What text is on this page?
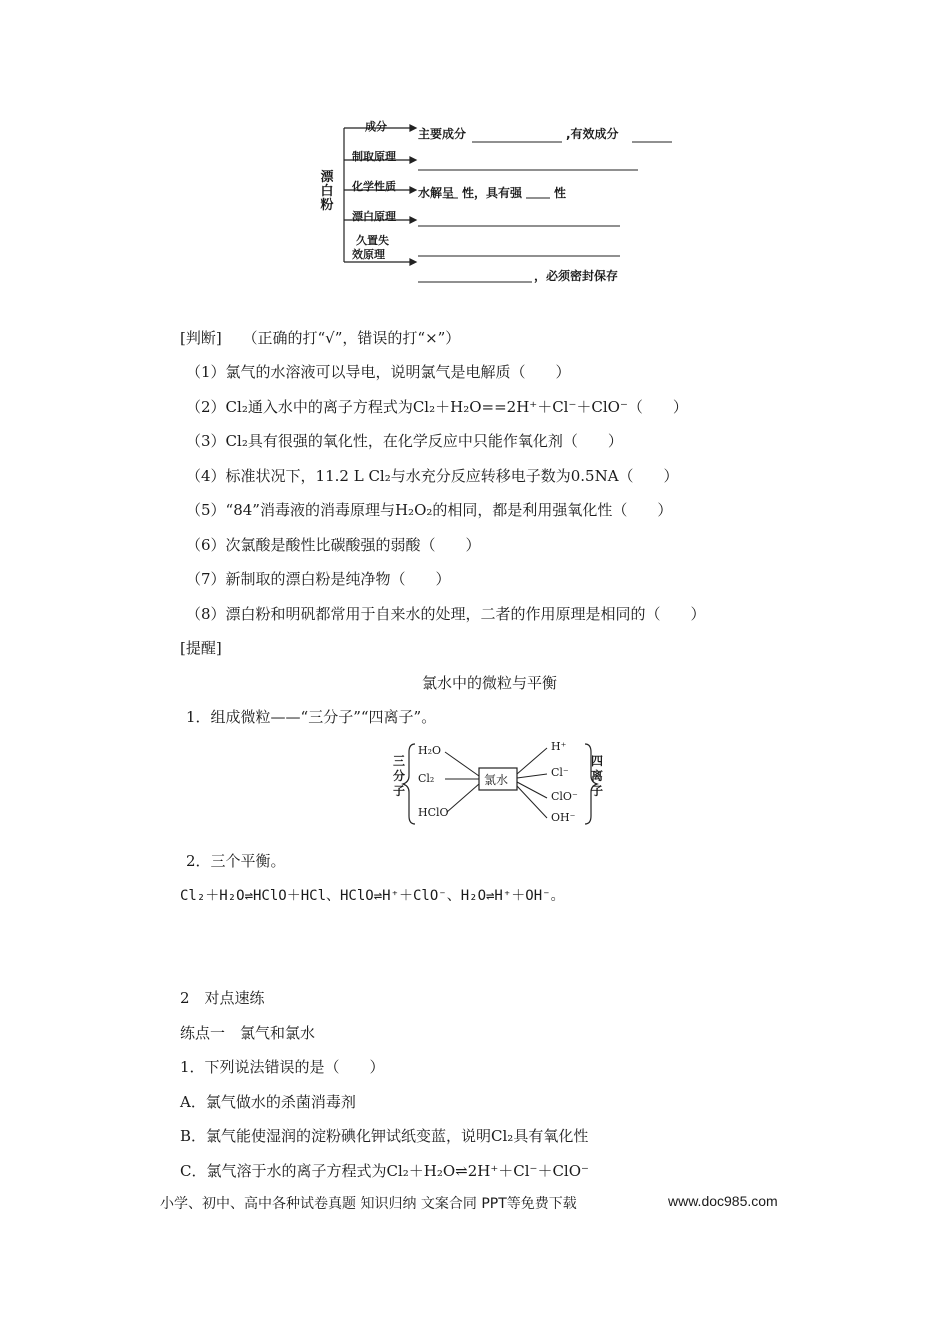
漂
白
粉
成分
制取原理
化学性质
漂白原理
久置失
效原理
主要成分	,有效成分
水解呈 性，具有强	性
，必须密封保存
[判断] （正确的打“√”，错误的打“×”）
（1）氯气的水溶液可以导电，说明氯气是电解质（　　）
（2）Cl₂通入水中的离子方程式为Cl₂＋H₂O==2H⁺＋Cl⁻＋ClO⁻（　　）
（3）Cl₂具有很强的氧化性，在化学反应中只能作氧化剂（　　）
（4）标准状况下，11.2 L Cl₂与水充分反应转移电子数为0.5NA（　　）
（5）“84”消毒液的消毒原理与H₂O₂的相同，都是利用强氧化性（　　）
（6）次氯酸是酸性比碳酸强的弱酸（　　）
（7）新制取的漂白粉是纯净物（　　）
（8）漂白粉和明矾都常用于自来水的处理，二者的作用原理是相同的（　　）
[提醒]
氯水中的微粒与平衡
1．组成微粒——“三分子”“四离子”。
三
分
子
四
离
子
氯水
H₂O
Cl₂
HClO
H⁺
Cl⁻
ClO⁻
OH⁻
2．三个平衡。
Cl₂＋H₂O⇌HClO＋HCl、HClO⇌H⁺＋ClO⁻、H₂O⇌H⁺＋OH⁻。
2　对点速练
练点一　氯气和氯水
1．下列说法错误的是（　　）
A．氯气做水的杀菌消毒剂
B．氯气能使湿润的淀粉碘化钾试纸变蓝，说明Cl₂具有氧化性
C．氯气溶于水的离子方程式为Cl₂＋H₂O⇌2H⁺＋Cl⁻＋ClO⁻
小学、初中、高中各种试卷真题 知识归纳 文案合同 PPT等免费下载	www.doc985.com
